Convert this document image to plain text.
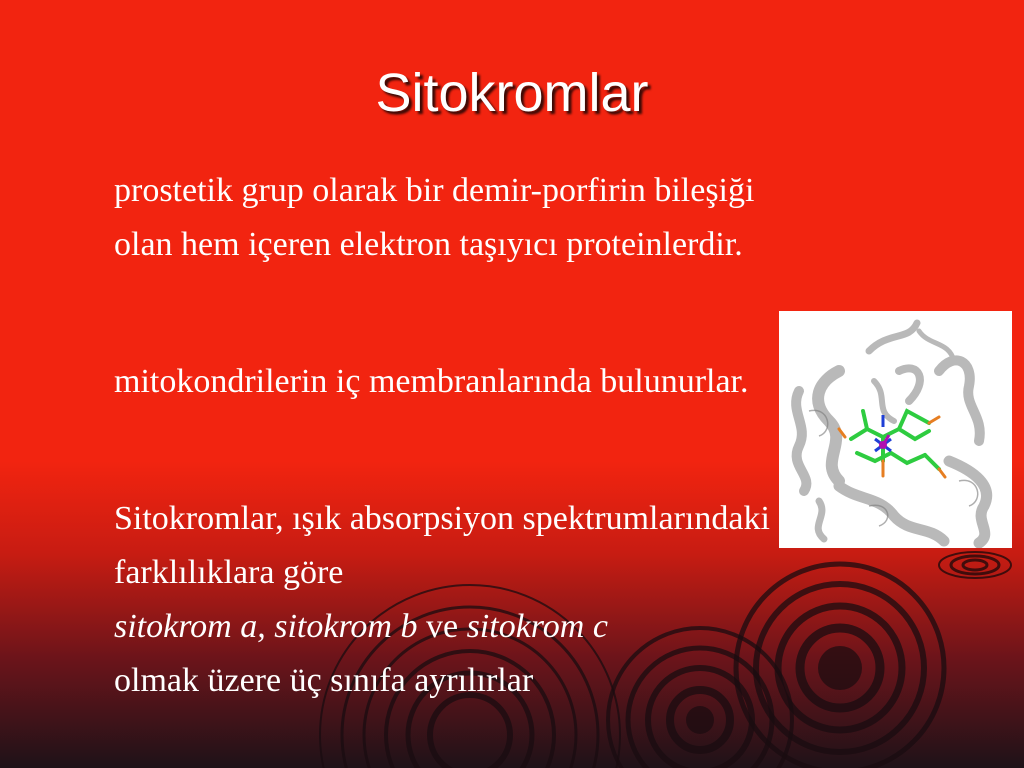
Sitokromlar

prostetik grup olarak bir demir-porfirin bileşiği olan hem içeren elektron taşıyıcı proteinlerdir.

mitokondrilerin iç membranlarında bulunurlar.

Sitokromlar, ışık absorpsiyon spektrumlarındaki farklılıklara göre
sitokrom a, sitokrom b ve sitokrom c
olmak üzere üç sınıfa ayrılırlar
